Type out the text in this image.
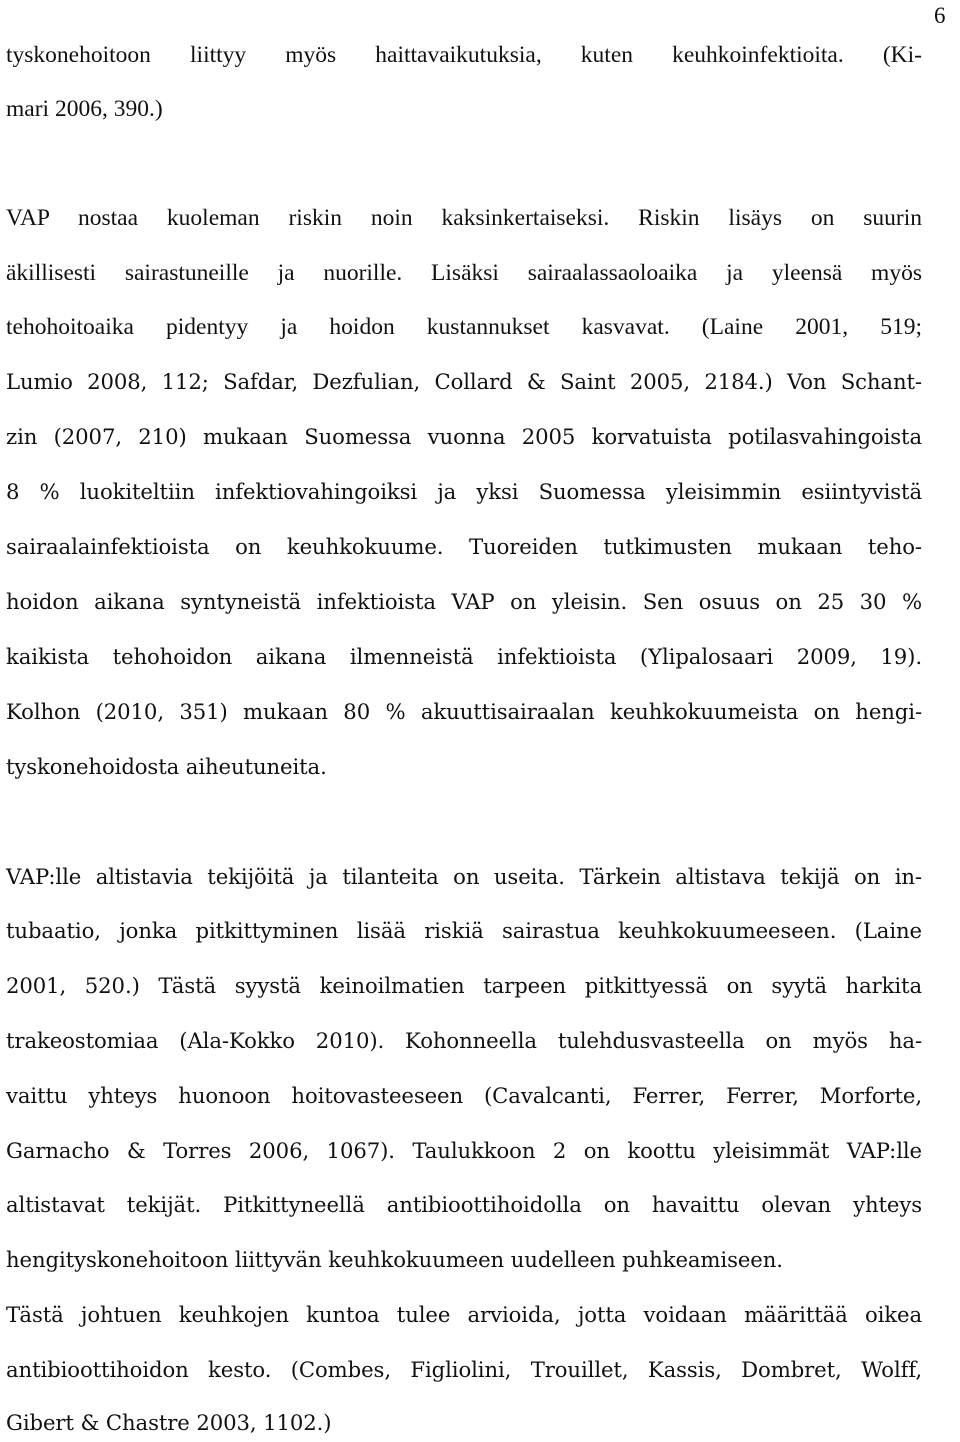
6
tyskonehoitoon liittyy myös haittavaikutuksia, kuten keuhkoinfektioita. (Ki-
mari 2006, 390.)
VAP nostaa kuoleman riskin noin kaksinkertaiseksi. Riskin lisäys on suurin
äkillisesti sairastuneille ja nuorille. Lisäksi sairaalassaoloaika ja yleensä myös
tehohoitoaika pidentyy ja hoidon kustannukset kasvavat. (Laine 2001, 519;
Lumio 2008, 112; Safdar, Dezfulian, Collard & Saint 2005, 2184.) Von Schant-
zin (2007, 210) mukaan Suomessa vuonna 2005 korvatuista potilasvahingoista
8 % luokiteltiin infektiovahingoiksi ja yksi Suomessa yleisimmin esiintyvistä
sairaalainfektioista on keuhkokuume. Tuoreiden tutkimusten mukaan teho-
hoidon aikana syntyneistä infektioista VAP on yleisin. Sen osuus on 25 30 %
kaikista tehohoidon aikana ilmenneistä infektioista (Ylipalosaari 2009, 19).
Kolhon (2010, 351) mukaan 80 % akuuttisairaalan keuhkokuumeista on hengi-
tyskonehoidosta aiheutuneita.
VAP:lle altistavia tekijöitä ja tilanteita on useita. Tärkein altistava tekijä on in-
tubaatio, jonka pitkittyminen lisää riskiä sairastua keuhkokuumeeseen. (Laine
2001, 520.) Tästä syystä keinoilmatien tarpeen pitkittyessä on syytä harkita
trakeostomiaa (Ala-Kokko 2010). Kohonneella tulehdusvasteella on myös ha-
vaittu yhteys huonoon hoitovasteeseen (Cavalcanti, Ferrer, Ferrer, Morforte,
Garnacho & Torres 2006, 1067). Taulukkoon 2 on koottu yleisimmät VAP:lle
altistavat tekijät. Pitkittyneellä antibioottihoidolla on havaittu olevan yhteys
hengityskonehoitoon liittyvän keuhkokuumeen uudelleen puhkeamiseen.
Tästä johtuen keuhkojen kuntoa tulee arvioida, jotta voidaan määrittää oikea
antibioottihoidon kesto. (Combes, Figliolini, Trouillet, Kassis, Dombret, Wolff,
Gibert & Chastre 2003, 1102.)
